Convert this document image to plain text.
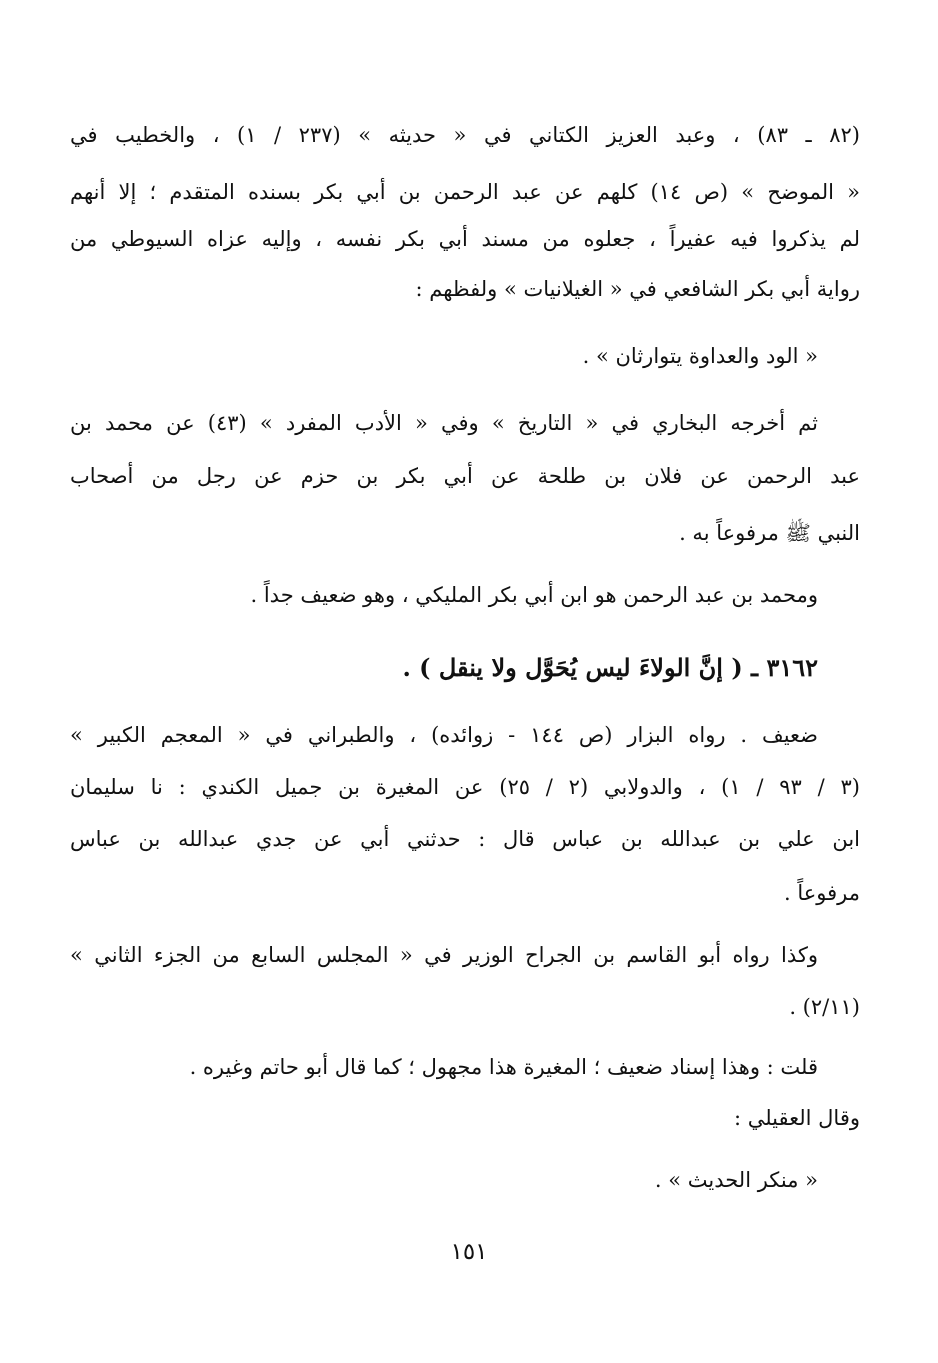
(٨٢ ـ ٨٣) ، وعبد العزيز الكتاني في « حديثه » (٢٣٧ / ١) ، والخطيب في
« الموضح » (ص ١٤) كلهم عن عبد الرحمن بن أبي بكر بسنده المتقدم ؛ إلا أنهم
لم يذكروا فيه عفيراً ، جعلوه من مسند أبي بكر نفسه ، وإليه عزاه السيوطي من
رواية أبي بكر الشافعي في « الغيلانيات » ولفظهم :
« الود والعداوة يتوارثان » .
ثم أخرجه البخاري في « التاريخ » وفي « الأدب المفرد » (٤٣) عن محمد بن
عبد الرحمن عن فلان بن طلحة عن أبي بكر بن حزم عن رجل من أصحاب
النبي ﷺ مرفوعاً به .
ومحمد بن عبد الرحمن هو ابن أبي بكر المليكي ، وهو ضعيف جداً .
٣١٦٢ ـ ( إنَّ الولاءَ ليس يُحَوَّل ولا ينقل ) .
ضعيف . رواه البزار (ص ١٤٤ - زوائده) ، والطبراني في « المعجم الكبير »
(٣ / ٩٣ / ١) ، والدولابي (٢ / ٢٥) عن المغيرة بن جميل الكندي : نا سليمان
ابن علي بن عبدالله بن عباس قال : حدثني أبي عن جدي عبدالله بن عباس
مرفوعاً .
وكذا رواه أبو القاسم بن الجراح الوزير في « المجلس السابع من الجزء الثاني »
(٢/١١) .
قلت : وهذا إسناد ضعيف ؛ المغيرة هذا مجهول ؛ كما قال أبو حاتم وغيره .
وقال العقيلي :
« منكر الحديث » .
١٥١
